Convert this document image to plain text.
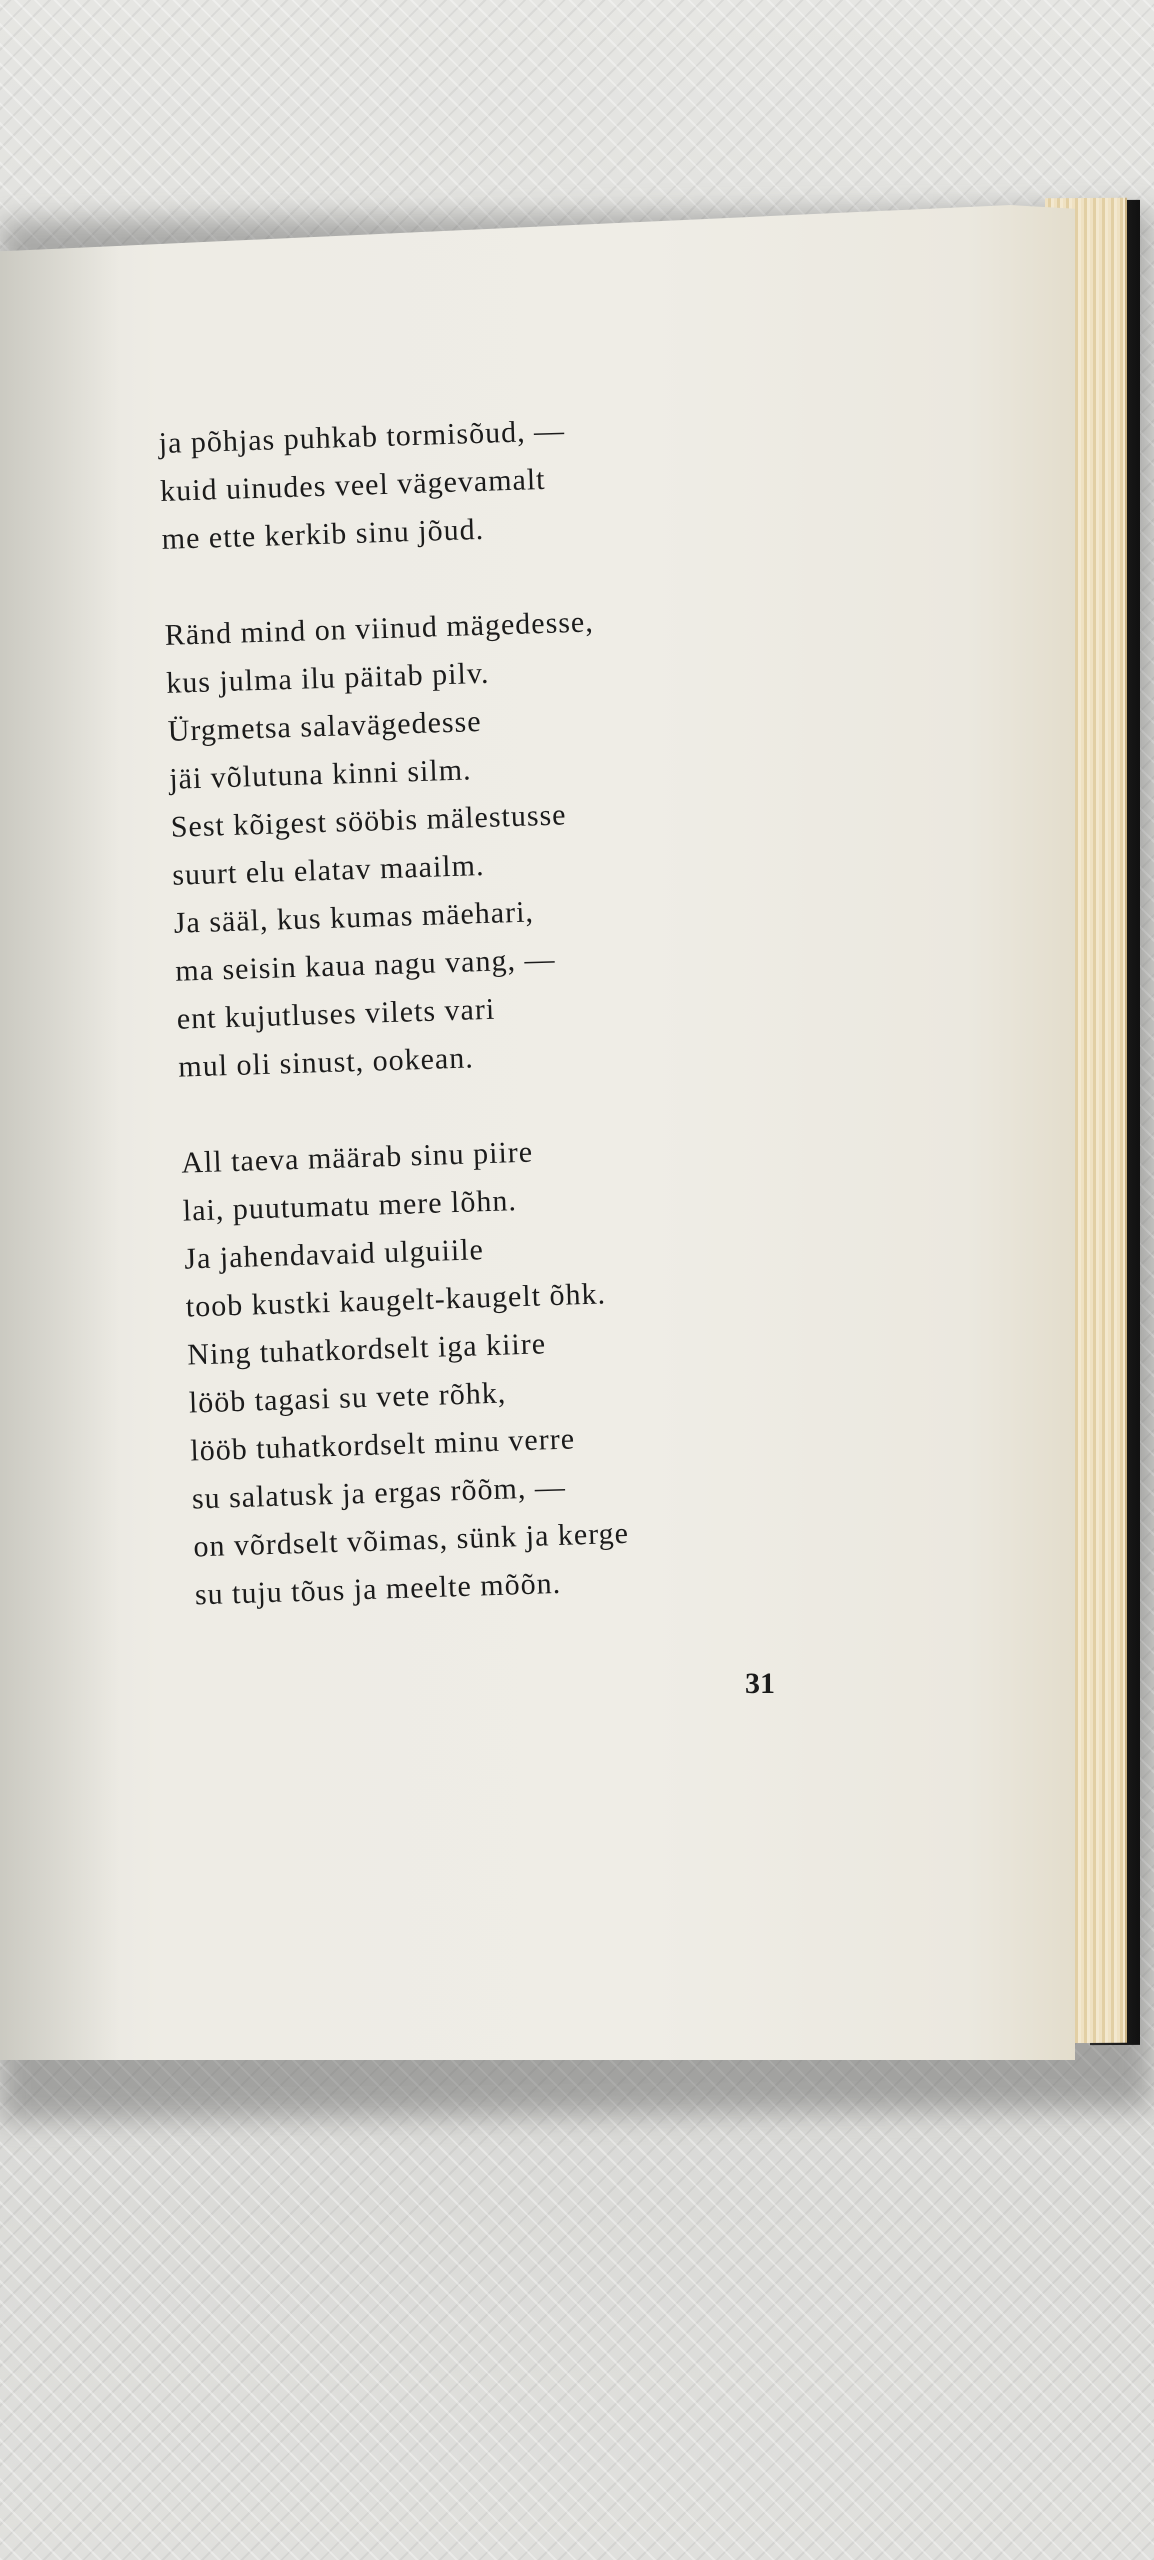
ja põhjas puhkab tormisõud, —
kuid uinudes veel vägevamalt
me ette kerkib sinu jõud.
Ränd mind on viinud mägedesse,
kus julma ilu päitab pilv.
Ürgmetsa salavägedesse
jäi võlutuna kinni silm.
Sest kõigest sööbis mälestusse
suurt elu elatav maailm.
Ja sääl, kus kumas mäehari,
ma seisin kaua nagu vang, —
ent kujutluses vilets vari
mul oli sinust, ookean.
All taeva määrab sinu piire
lai, puutumatu mere lõhn.
Ja jahendavaid ulguiile
toob kustki kaugelt-kaugelt õhk.
Ning tuhatkordselt iga kiire
lööb tagasi su vete rõhk,
lööb tuhatkordselt minu verre
su salatusk ja ergas rõõm, —
on võrdselt võimas, sünk ja kerge
su tuju tõus ja meelte mõõn.
31
